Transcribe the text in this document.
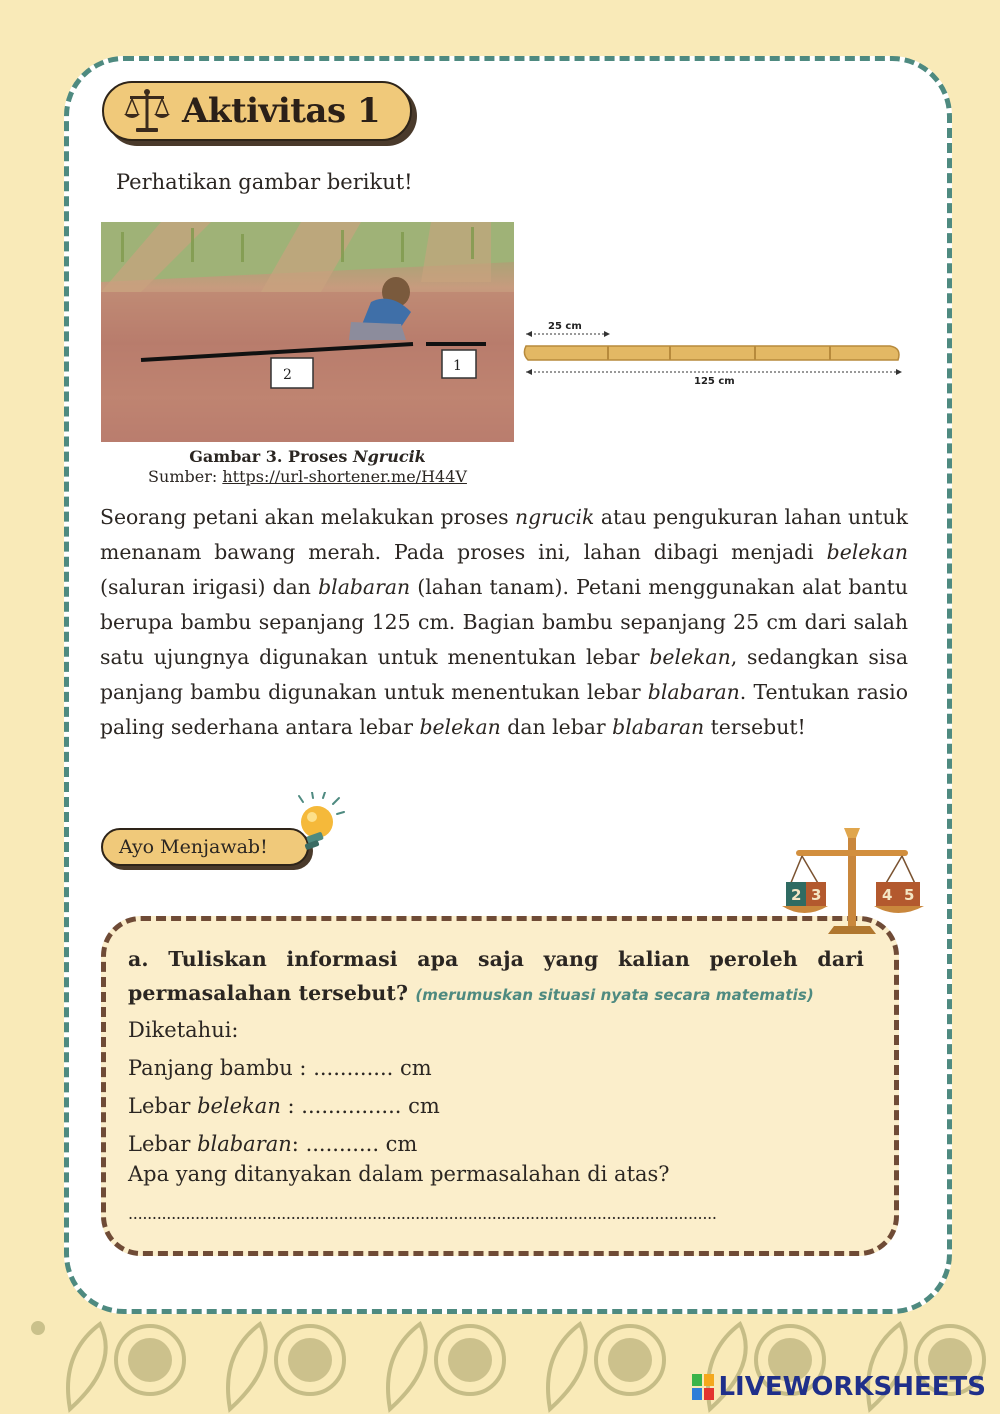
Aktivitas 1
Perhatikan gambar berikut!
2
1
25 cm
125 cm
Gambar 3. Proses Ngrucik
Sumber: https://url-shortener.me/H44V

Seorang petani akan melakukan proses ngrucik atau pengukuran lahan untuk menanam bawang merah. Pada proses ini, lahan dibagi menjadi belekan (saluran irigasi) dan blabaran (lahan tanam). Petani menggunakan alat bantu berupa bambu sepanjang 125 cm. Bagian bambu sepanjang 25 cm dari salah satu ujungnya digunakan untuk menentukan lebar belekan, sedangkan sisa panjang bambu digunakan untuk menentukan lebar blabaran. Tentukan rasio paling sederhana antara lebar belekan dan lebar blabaran tersebut!

Ayo Menjawab!
2 3	4 5

a. Tuliskan informasi apa saja yang kalian peroleh dari permasalahan tersebut? (merumuskan situasi nyata secara matematis)

Diketahui:
Panjang bambu : ............ cm
Lebar belekan : ............... cm
Lebar blabaran: ........... cm
Apa yang ditanyakan dalam permasalahan di atas?
...........................................................................................................................
LIVEWORKSHEETS
